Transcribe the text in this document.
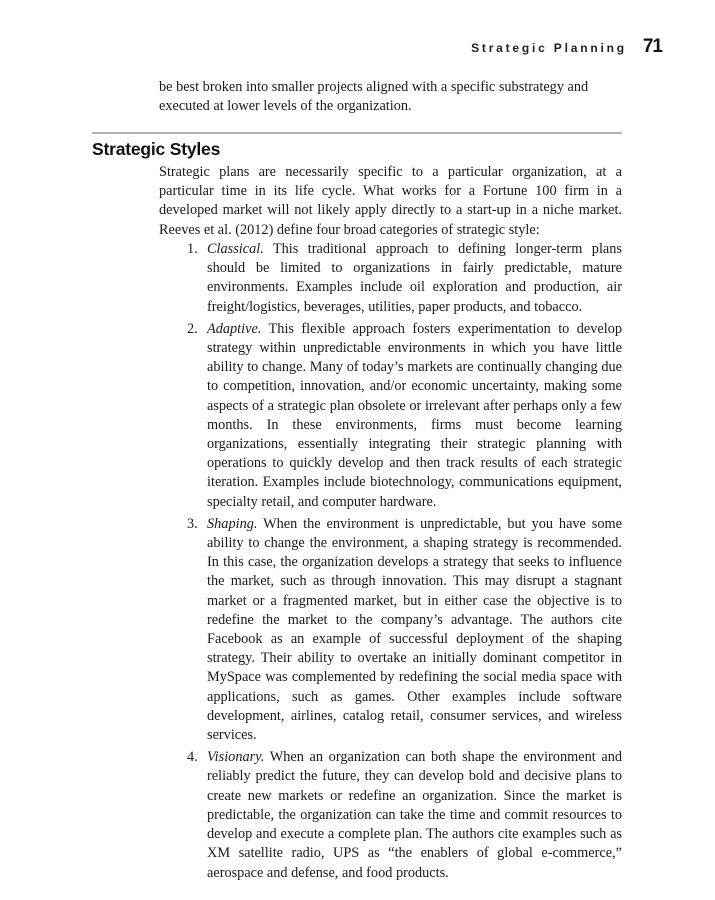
Strategic Planning 71

be best broken into smaller projects aligned with a specific substrategy and executed at lower levels of the organization.

Strategic Styles

Strategic plans are necessarily specific to a particular organization, at a particular time in its life cycle. What works for a Fortune 100 firm in a developed market will not likely apply directly to a start-up in a niche market. Reeves et al. (2012) define four broad categories of strategic style:

1. Classical. This traditional approach to defining longer-term plans should be limited to organizations in fairly predictable, mature environments. Examples include oil exploration and production, air freight/logistics, beverages, utilities, paper products, and tobacco.
2. Adaptive. This flexible approach fosters experimentation to develop strategy within unpredictable environments in which you have little ability to change. Many of today’s markets are continually changing due to competition, innovation, and/or economic uncertainty, making some aspects of a strategic plan obsolete or irrelevant after perhaps only a few months. In these environments, firms must become learning organizations, essentially integrating their strategic planning with operations to quickly develop and then track results of each strategic iteration. Examples include biotechnology, communications equipment, specialty retail, and computer hardware.
3. Shaping. When the environment is unpredictable, but you have some ability to change the environment, a shaping strategy is recommended. In this case, the organization develops a strategy that seeks to influence the market, such as through innovation. This may disrupt a stagnant market or a fragmented market, but in either case the objective is to redefine the market to the company’s advantage. The authors cite Facebook as an example of successful deployment of the shaping strategy. Their ability to overtake an initially dominant competitor in MySpace was complemented by redefining the social media space with applications, such as games. Other examples include software development, airlines, catalog retail, consumer services, and wireless services.
4. Visionary. When an organization can both shape the environment and reliably predict the future, they can develop bold and decisive plans to create new markets or redefine an organization. Since the market is predictable, the organization can take the time and commit resources to develop and execute a complete plan. The authors cite examples such as XM satellite radio, UPS as “the enablers of global e-commerce,” aerospace and defense, and food products.
